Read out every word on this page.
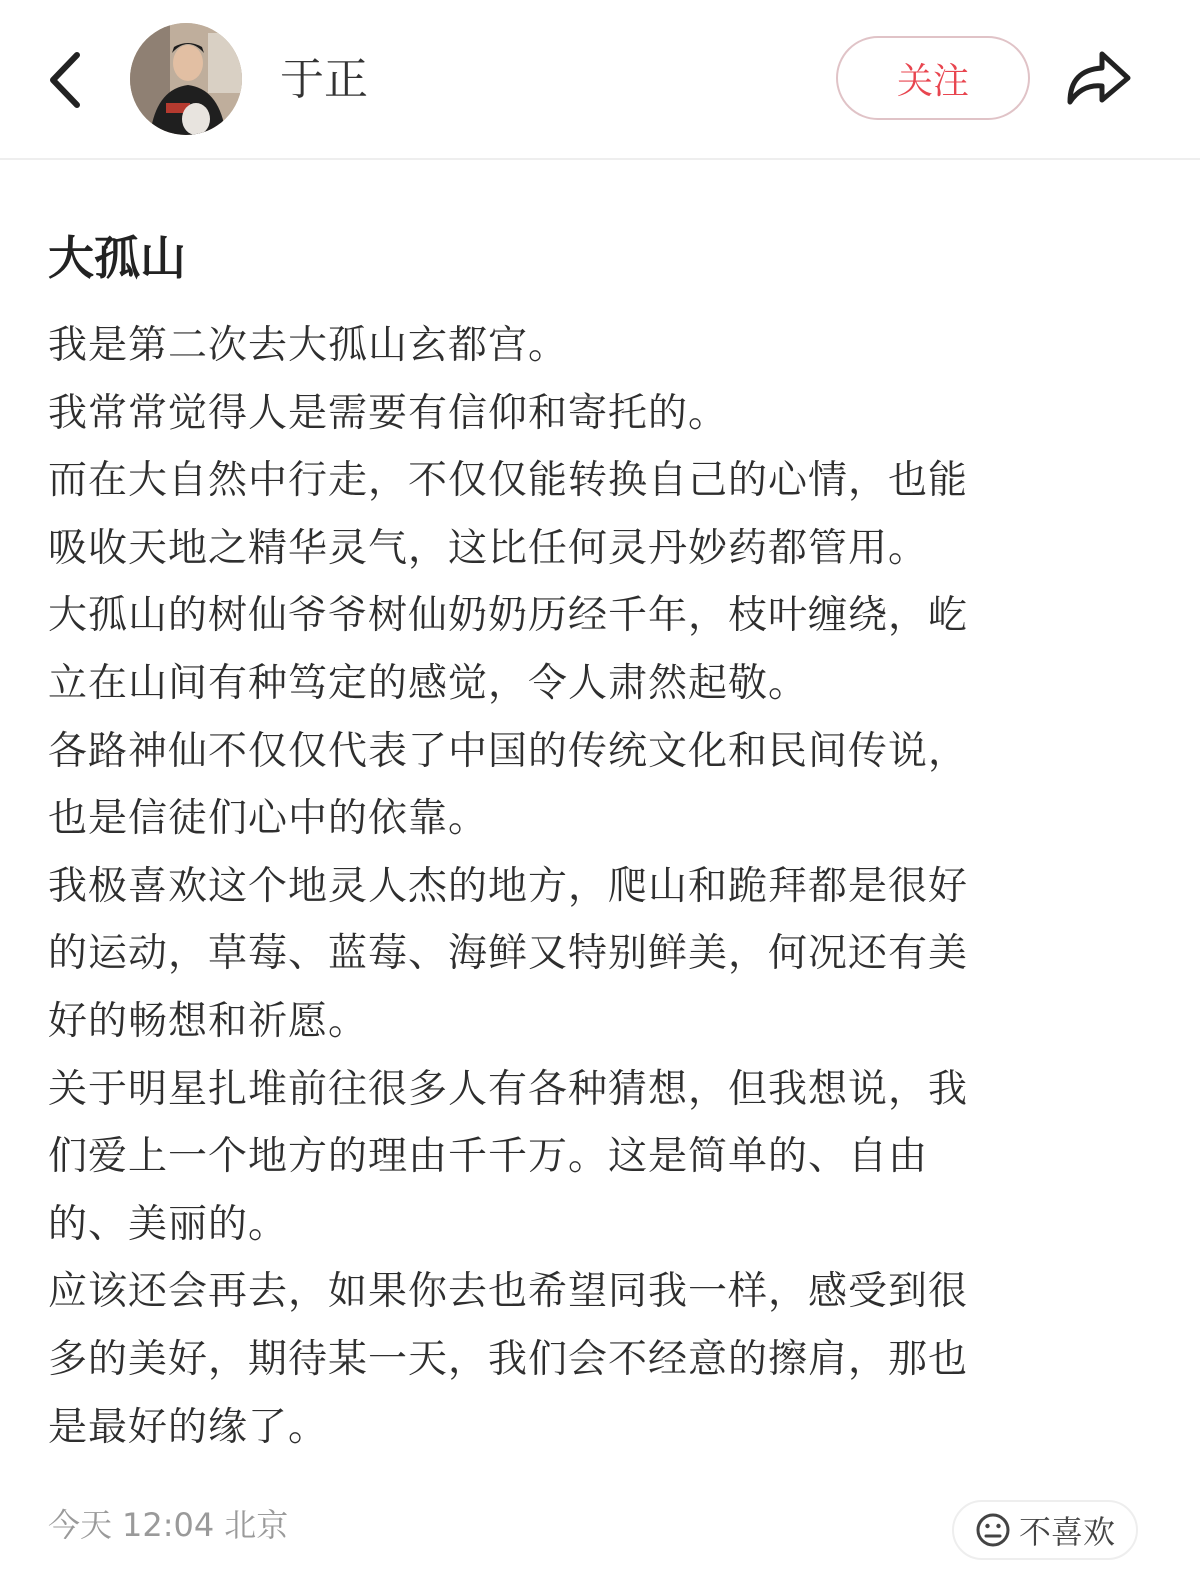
于正	关注
大孤山
我是第二次去大孤山玄都宫。
我常常觉得人是需要有信仰和寄托的。
而在大自然中行走，不仅仅能转换自己的心情，也能
吸收天地之精华灵气，这比任何灵丹妙药都管用。
大孤山的树仙爷爷树仙奶奶历经千年，枝叶缠绕，屹
立在山间有种笃定的感觉，令人肃然起敬。
各路神仙不仅仅代表了中国的传统文化和民间传说，
也是信徒们心中的依靠。
我极喜欢这个地灵人杰的地方，爬山和跪拜都是很好
的运动，草莓、蓝莓、海鲜又特别鲜美，何况还有美
好的畅想和祈愿。
关于明星扎堆前往很多人有各种猜想，但我想说，我
们爱上一个地方的理由千千万。这是简单的、自由
的、美丽的。
应该还会再去，如果你去也希望同我一样，感受到很
多的美好，期待某一天，我们会不经意的擦肩，那也
是最好的缘了。
今天 12:04 北京	不喜欢
